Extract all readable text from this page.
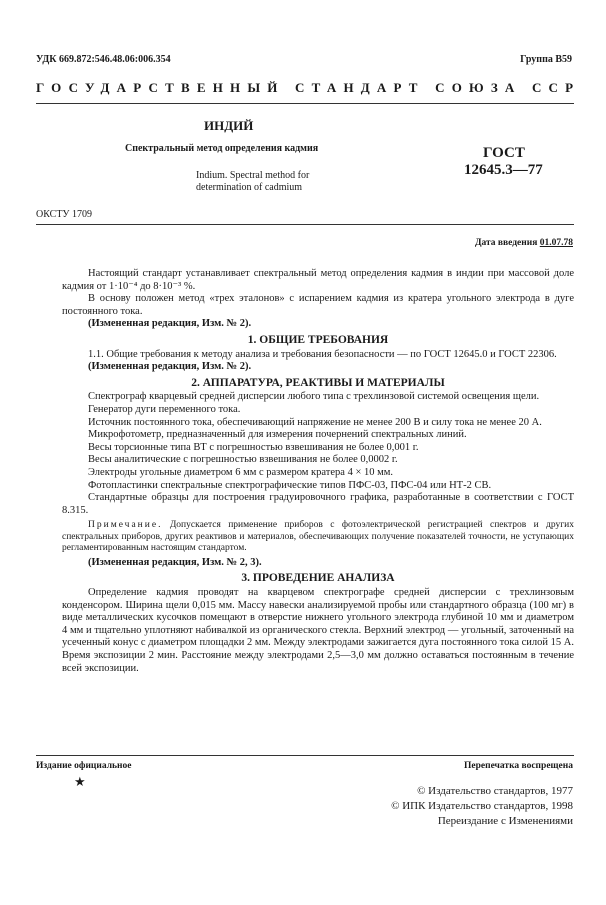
УДК 669.872:546.48.06:006.354	Группа В59
ГОСУДАРСТВЕННЫЙ СТАНДАРТ СОЮЗА ССР
ИНДИЙ
Спектральный метод определения кадмия
Indium. Spectral method for determination of cadmium
ГОСТ
12645.3—77
ОКСТУ 1709
Дата введения 01.07.78

Настоящий стандарт устанавливает спектральный метод определения кадмия в индии при массовой доле кадмия от 1·10⁻⁴ до 8·10⁻³ %.

В основу положен метод «трех эталонов» с испарением кадмия из кратера угольного электрода в дуге постоянного тока.

(Измененная редакция, Изм. № 2).

1. ОБЩИЕ ТРЕБОВАНИЯ

1.1. Общие требования к методу анализа и требования безопасности — по ГОСТ 12645.0 и ГОСТ 22306.

(Измененная редакция, Изм. № 2).

2. АППАРАТУРА, РЕАКТИВЫ И МАТЕРИАЛЫ

Спектрограф кварцевый средней дисперсии любого типа с трехлинзовой системой освещения щели.

Генератор дуги переменного тока.

Источник постоянного тока, обеспечивающий напряжение не менее 200 В и силу тока не менее 20 А.

Микрофотометр, предназначенный для измерения почернений спектральных линий.

Весы торсионные типа ВТ с погрешностью взвешивания не более 0,001 г.

Весы аналитические с погрешностью взвешивания не более 0,0002 г.

Электроды угольные диаметром 6 мм с размером кратера 4 × 10 мм.

Фотопластинки спектральные спектрографические типов ПФС-03, ПФС-04 или НТ-2 СВ.

Стандартные образцы для построения градуировочного графика, разработанные в соответствии с ГОСТ 8.315.

Примечание. Допускается применение приборов с фотоэлектрической регистрацией спектров и других спектральных приборов, других реактивов и материалов, обеспечивающих получение показателей точности, не уступающих регламентированным настоящим стандартом.

(Измененная редакция, Изм. № 2, 3).

3. ПРОВЕДЕНИЕ АНАЛИЗА

Определение кадмия проводят на кварцевом спектрографе средней дисперсии с трехлинзовым конденсором. Ширина щели 0,015 мм. Массу навески анализируемой пробы или стандартного образца (100 мг) в виде металлических кусочков помещают в отверстие нижнего угольного электрода глубиной 10 мм и диаметром 4 мм и тщательно уплотняют набивалкой из органического стекла. Верхний электрод — угольный, заточенный на усеченный конус с диаметром площадки 2 мм. Между электродами зажигается дуга постоянного тока силой 15 А. Время экспозиции 2 мин. Расстояние между электродами 2,5—3,0 мм должно оставаться постоянным в течение всей экспозиции.

Издание официальное
★
Перепечатка воспрещена
© Издательство стандартов, 1977
© ИПК Издательство стандартов, 1998
Переиздание с Изменениями
